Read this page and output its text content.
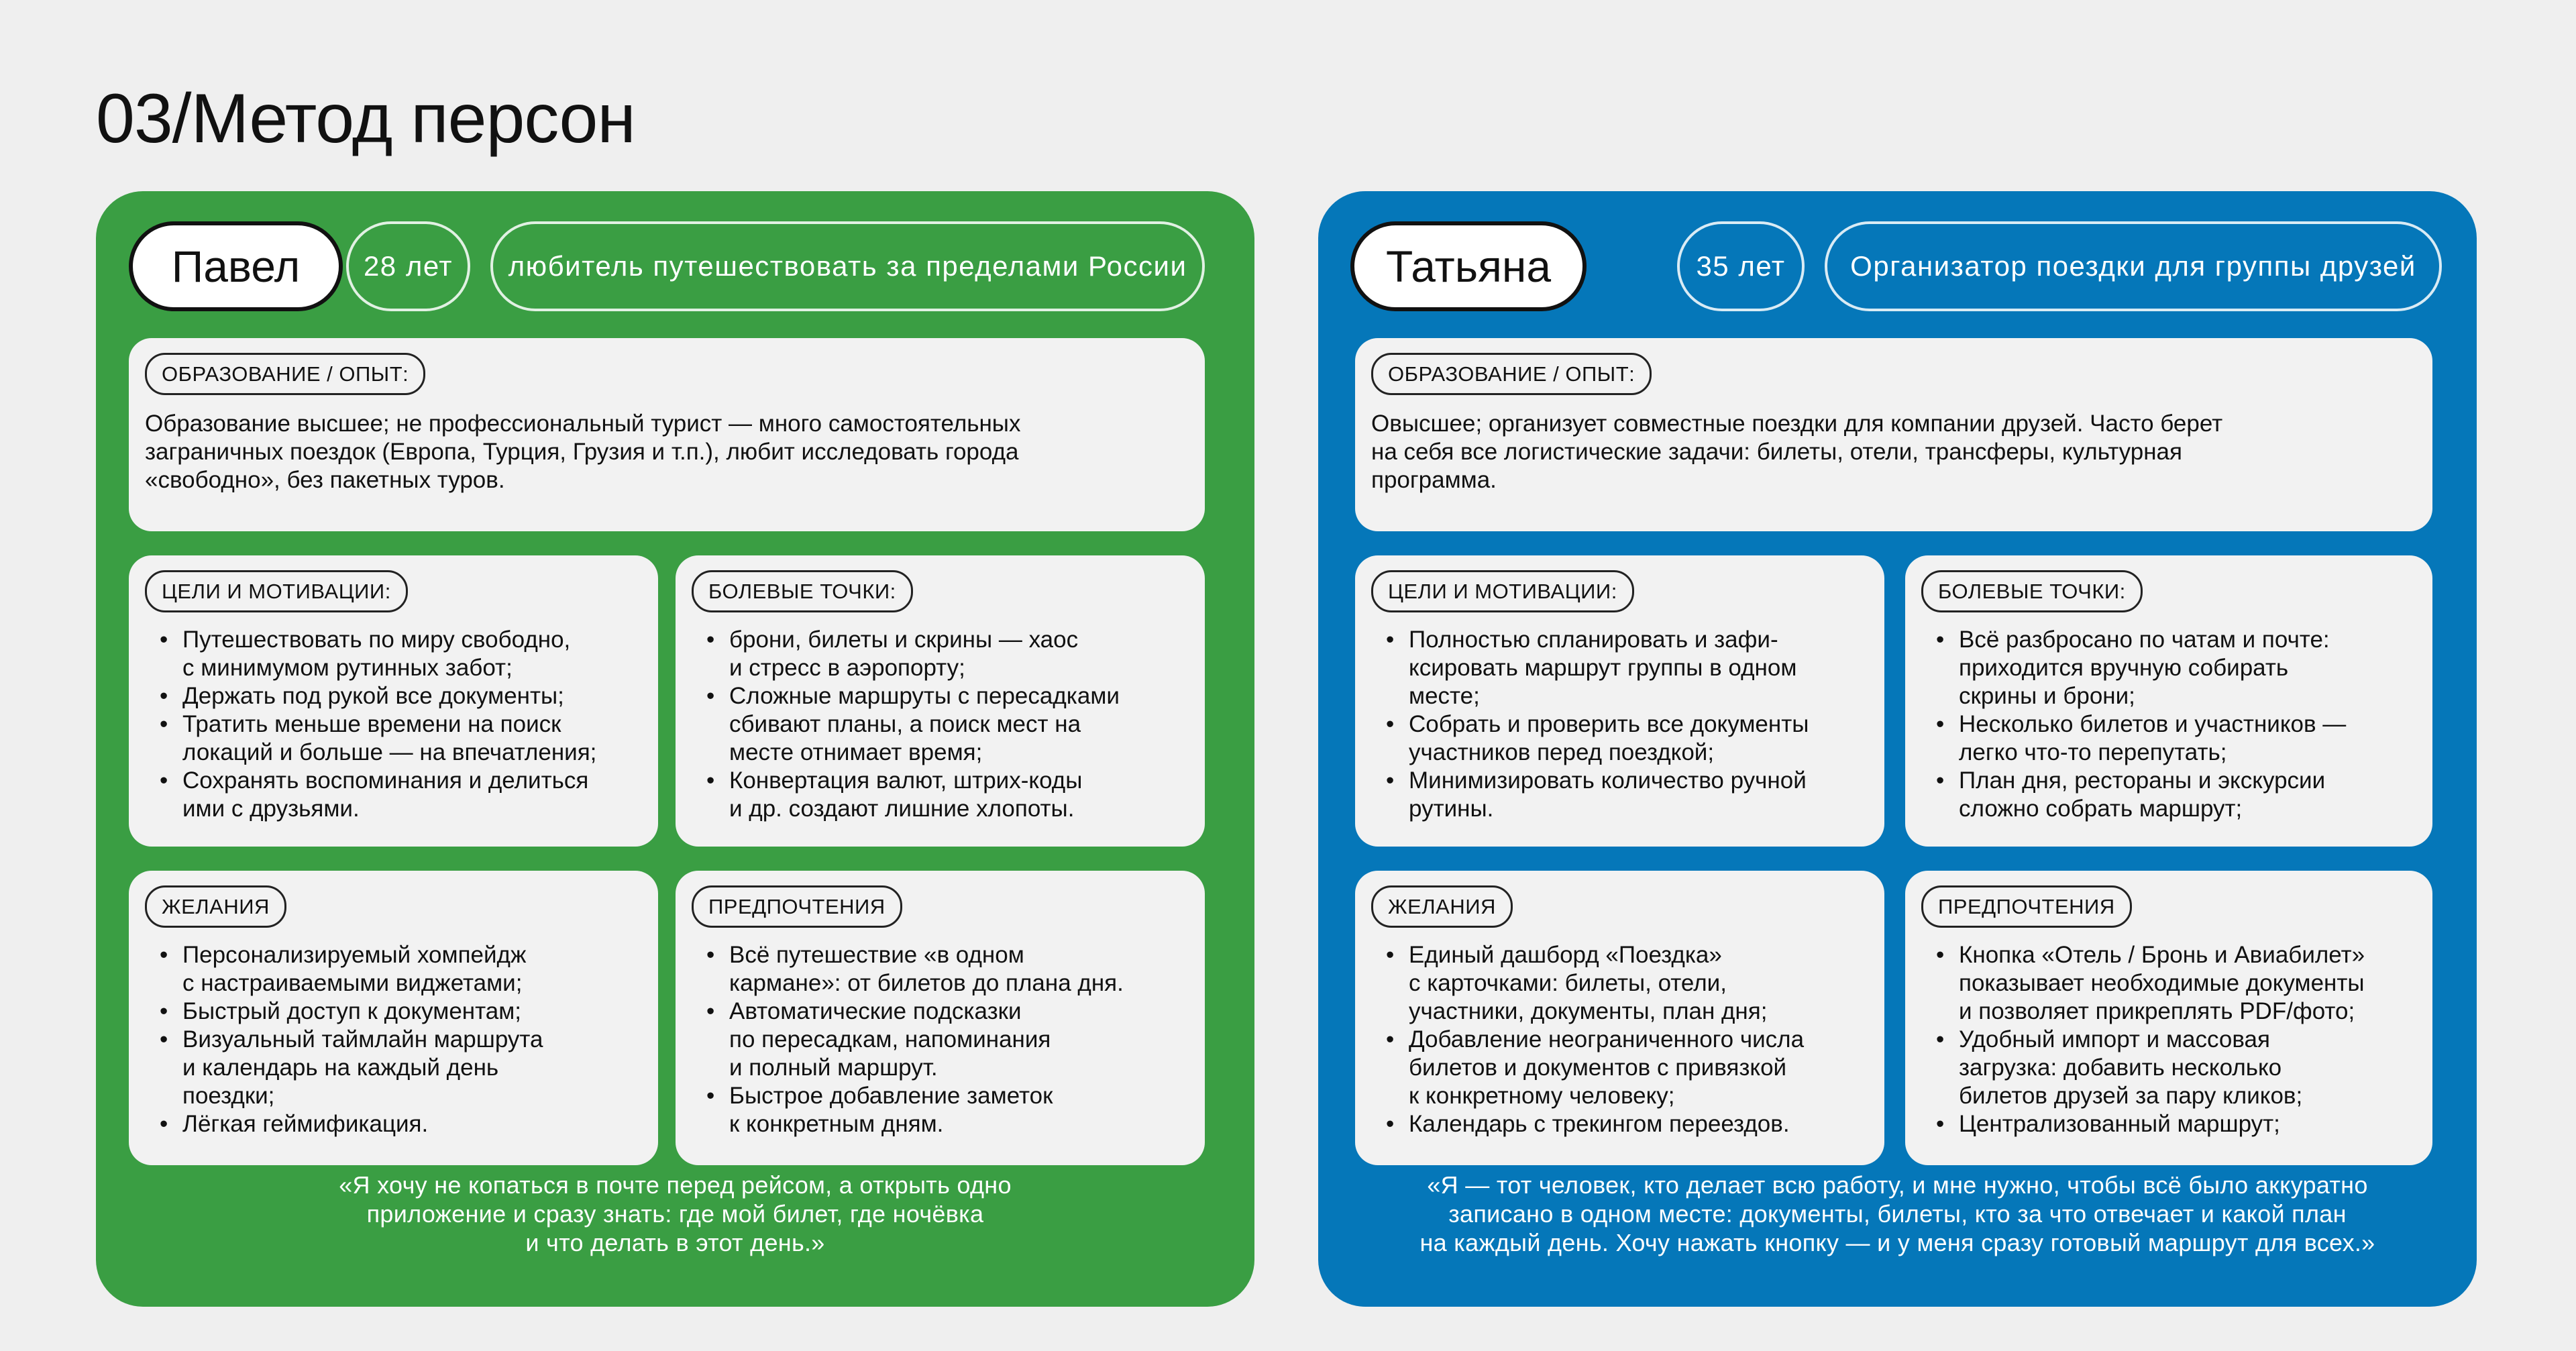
03/Метод персон
Павел	28 лет	любитель путешествовать за пределами России
ОБРАЗОВАНИЕ / ОПЫТ:

Образование высшее; не профессиональный турист — много самостоятельных
заграничных поездок (Европа, Турция, Грузия и т.п.), любит исследовать города
«свободно», без пакетных туров.

ЦЕЛИ И МОТИВАЦИИ:
• Путешествовать по миру свободно,
с минимумом рутинных забот;
• Держать под рукой все документы;
• Тратить меньше времени на поиск
локаций и больше — на впечатления;
• Сохранять воспоминания и делиться
ими с друзьями.
БОЛЕВЫЕ ТОЧКИ:
• брони, билеты и скрины — хаос
и стресс в аэропорту;
• Сложные маршруты с пересадками
сбивают планы, а поиск мест на
месте отнимает время;
• Конвертация валют, штрих-коды
и др. создают лишние хлопоты.
ЖЕЛАНИЯ
• Персонализируемый хомпейдж
с настраиваемыми виджетами;
• Быстрый доступ к документам;
• Визуальный таймлайн маршрута
и календарь на каждый день
поездки;
• Лёгкая геймификация.
ПРЕДПОЧТЕНИЯ
• Всё путешествие «в одном
кармане»: от билетов до плана дня.
• Автоматические подсказки
по пересадкам, напоминания
и полный маршрут.
• Быстрое добавление заметок
к конкретным дням.

«Я хочу не копаться в почте перед рейсом, а открыть одно
приложение и сразу знать: где мой билет, где ночёвка
и что делать в этот день.»

Татьяна	35 лет	Организатор поездки для группы друзей
ОБРАЗОВАНИЕ / ОПЫТ:

Овысшее; организует совместные поездки для компании друзей. Часто берет
на себя все логистические задачи: билеты, отели, трансферы, культурная
программа.

ЦЕЛИ И МОТИВАЦИИ:
• Полностью спланировать и зафи-
ксировать маршрут группы в одном
месте;
• Собрать и проверить все документы
участников перед поездкой;
• Минимизировать количество ручной
рутины.
БОЛЕВЫЕ ТОЧКИ:
• Всё разбросано по чатам и почте:
приходится вручную собирать
скрины и брони;
• Несколько билетов и участников —
легко что-то перепутать;
• План дня, рестораны и экскурсии
сложно собрать маршрут;
ЖЕЛАНИЯ
• Единый дашборд «Поездка»
с карточками: билеты, отели,
участники, документы, план дня;
• Добавление неограниченного числа
билетов и документов с привязкой
к конкретному человеку;
• Календарь с трекингом переездов.
ПРЕДПОЧТЕНИЯ
• Кнопка «Отель / Бронь и Авиабилет»
показывает необходимые документы
и позволяет прикреплять PDF/фото;
• Удобный импорт и массовая
загрузка: добавить несколько
билетов друзей за пару кликов;
• Централизованный маршрут;

«Я — тот человек, кто делает всю работу, и мне нужно, чтобы всё было аккуратно
записано в одном месте: документы, билеты, кто за что отвечает и какой план
на каждый день. Хочу нажать кнопку — и у меня сразу готовый маршрут для всех.»
